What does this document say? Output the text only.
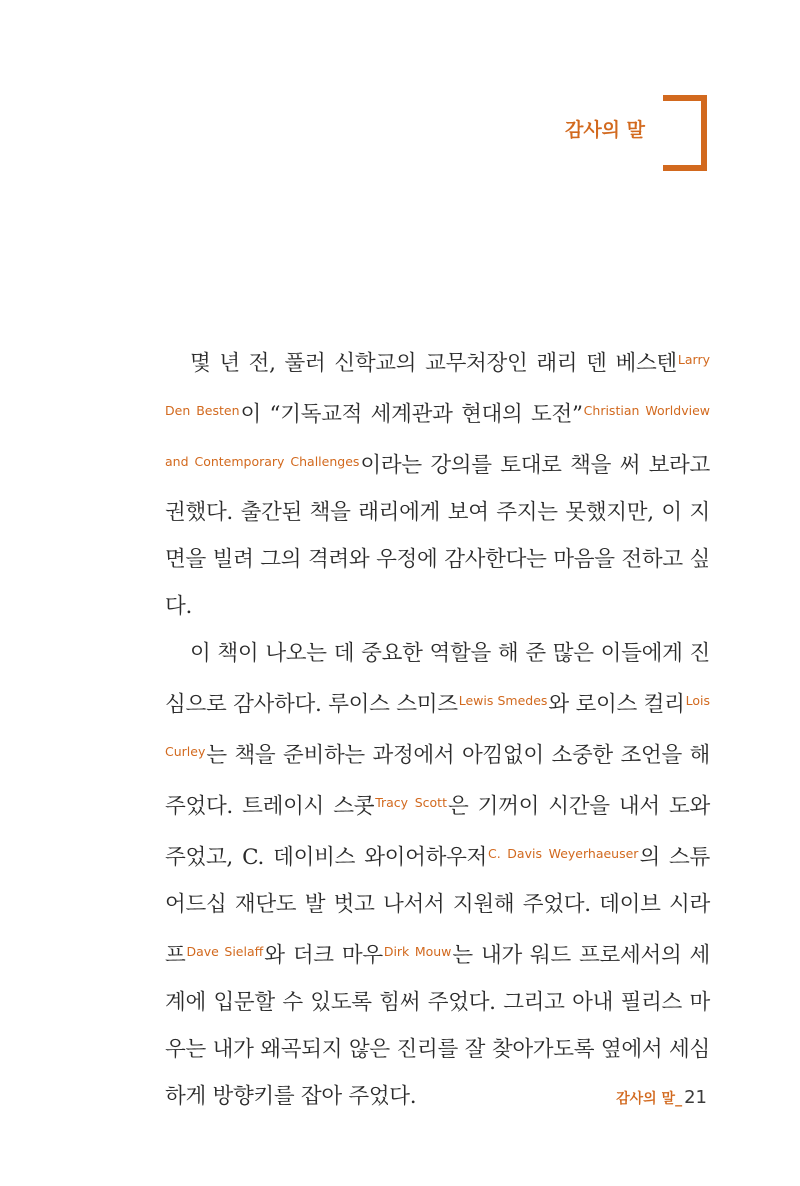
감사의 말

몇 년 전, 풀러 신학교의 교무처장인 래리 덴 베스텐$^{Larry Den Besten}$이 “기독교적 세계관과 현대의 도전”$^{Christian Worldview and Contemporary Challenges}$이라는 강의를 토대로 책을 써 보라고 권했다. 출간된 책을 래리에게 보여 주지는 못했지만, 이 지면을 빌려 그의 격려와 우정에 감사한다는 마음을 전하고 싶다.

이 책이 나오는 데 중요한 역할을 해 준 많은 이들에게 진심으로 감사하다. 루이스 스미즈$^{Lewis Smedes}$와 로이스 컬리$^{Lois Curley}$는 책을 준비하는 과정에서 아낌없이 소중한 조언을 해 주었다. 트레이시 스콧$^{Tracy Scott}$은 기꺼이 시간을 내서 도와주었고, C. 데이비스 와이어하우저$^{C. Davis Weyerhaeuser}$의 스튜어드십 재단도 발 벗고 나서서 지원해 주었다. 데이브 시라프$^{Dave Sielaff}$와 더크 마우$^{Dirk Mouw}$는 내가 워드 프로세서의 세계에 입문할 수 있도록 힘써 주었다. 그리고 아내 필리스 마우는 내가 왜곡되지 않은 진리를 잘 찾아가도록 옆에서 세심하게 방향키를 잡아 주었다.	감사의 말_ 21
